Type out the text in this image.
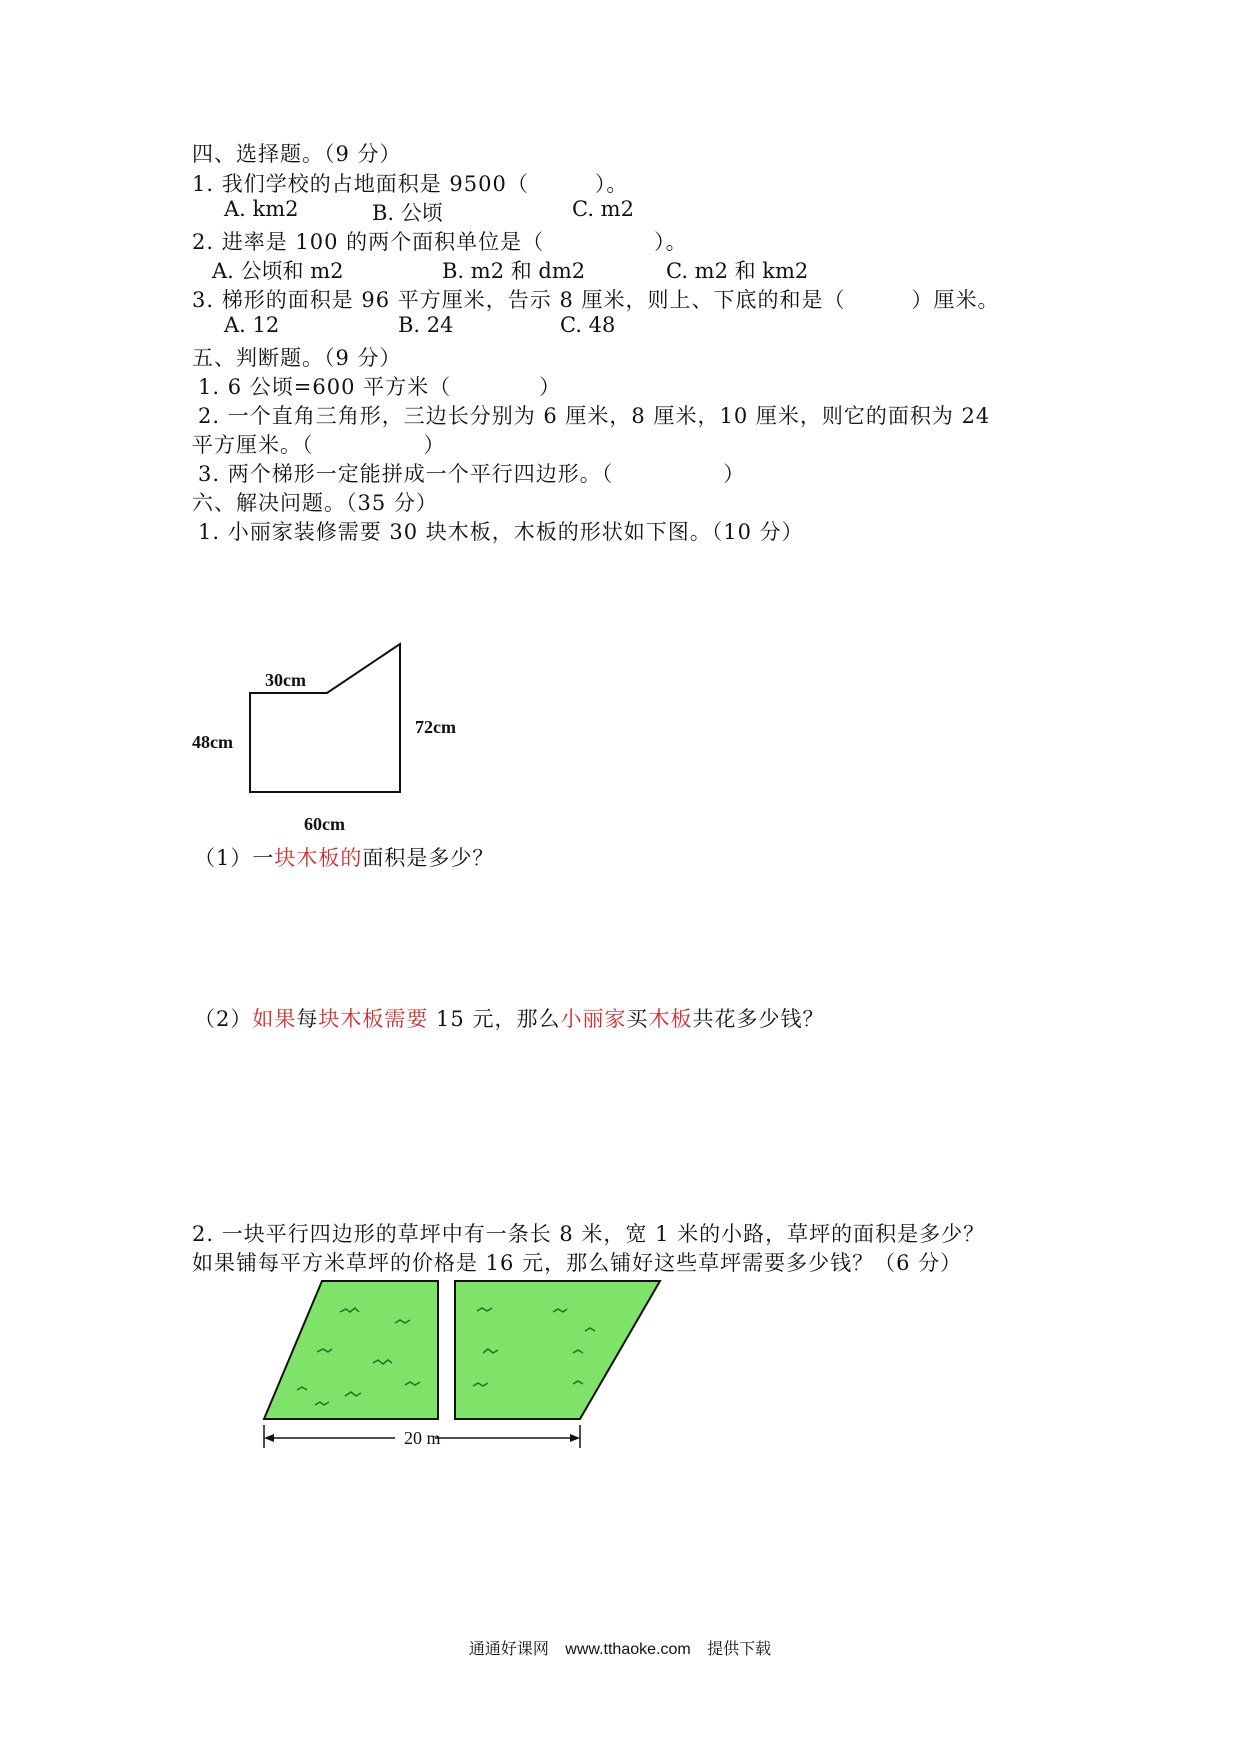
四、选择题。（9 分）
1. 我们学校的占地面积是 9500（　　　）。
A. km2	B. 公顷	C. m2
2. 进率是 100 的两个面积单位是（　　　　　）。
A. 公顷和 m2	B. m2 和 dm2	C. m2 和 km2
3. 梯形的面积是 96 平方厘米，告示 8 厘米，则上、下底的和是（　　　）厘米。
A. 12	B. 24	C. 48
五、判断题。（9 分）
1. 6 公顷=600 平方米（　　　　）
2. 一个直角三角形，三边长分别为 6 厘米，8 厘米，10 厘米，则它的面积为 24
平方厘米。（　　　　　）
3. 两个梯形一定能拼成一个平行四边形。（　　　　　）
六、解决问题。（35 分）
1. 小丽家装修需要 30 块木板，木板的形状如下图。（10 分）
30cm
48cm
72cm
60cm
（1）一块木板的面积是多少？
（2）如果每块木板需要 15 元，那么小丽家买木板共花多少钱？
2. 一块平行四边形的草坪中有一条长 8 米，宽 1 米的小路，草坪的面积是多少？
如果铺每平方米草坪的价格是 16 元，那么铺好这些草坪需要多少钱？（6 分）
20 m
通通好课网 www.tthaoke.com 提供下载
